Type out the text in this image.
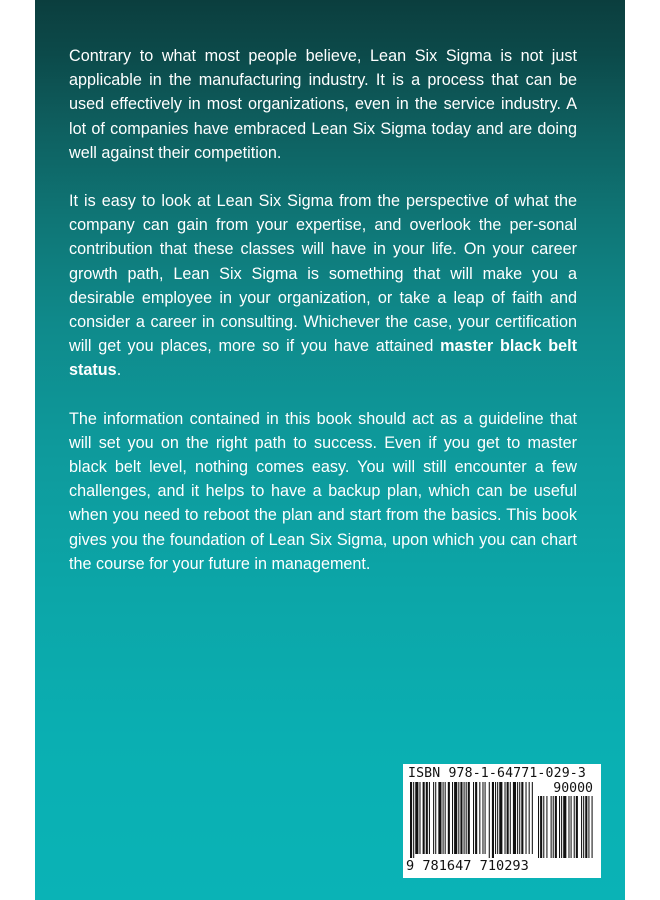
Contrary to what most people believe, Lean Six Sigma is not just applicable in the manufacturing industry. It is a process that can be used effectively in most organizations, even in the service industry. A lot of companies have embraced Lean Six Sigma today and are doing well against their competition.

It is easy to look at Lean Six Sigma from the perspective of what the company can gain from your expertise, and overlook the per-sonal contribution that these classes will have in your life. On your career growth path, Lean Six Sigma is something that will make you a desirable employee in your organization, or take a leap of faith and consider a career in consulting. Whichever the case, your certification will get you places, more so if you have attained master black belt status.

The information contained in this book should act as a guideline that will set you on the right path to success. Even if you get to master black belt level, nothing comes easy. You will still encounter a few challenges, and it helps to have a backup plan, which can be useful when you need to reboot the plan and start from the basics. This book gives you the foundation of Lean Six Sigma, upon which you can chart the course for your future in management.

ISBN 978-1-64771-029-3
90000
9 781647 710293
